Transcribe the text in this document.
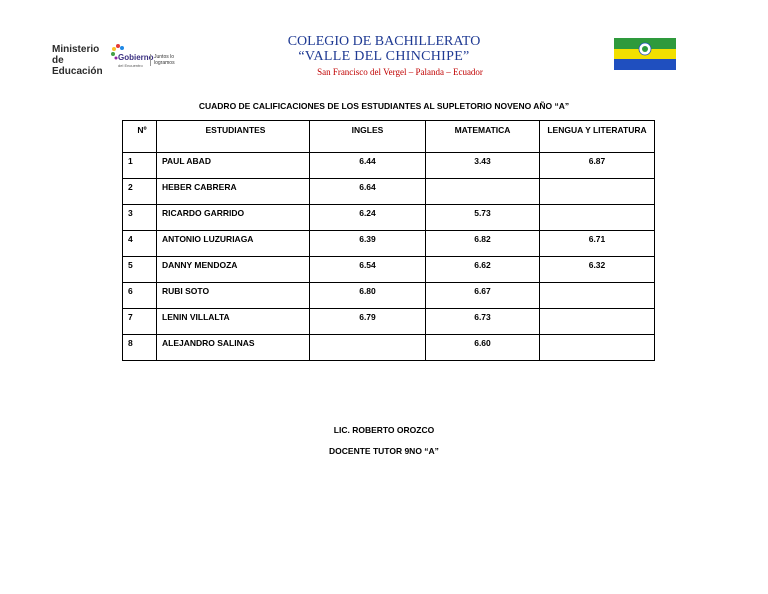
Ministerio de Educación
Gobierno
del Encuentro
Juntos lo logramos
COLEGIO DE BACHILLERATO
“VALLE DEL CHINCHIPE”
San Francisco del Vergel – Palanda – Ecuador
CUADRO DE CALIFICACIONES DE LOS ESTUDIANTES AL SUPLETORIO NOVENO AÑO “A”
Nº	ESTUDIANTES	INGLES	MATEMATICA	LENGUA Y LITERATURA
1	PAUL ABAD	6.44	3.43	6.87
2	HEBER CABRERA	6.64		
3	RICARDO GARRIDO	6.24	5.73	
4	ANTONIO LUZURIAGA	6.39	6.82	6.71
5	DANNY MENDOZA	6.54	6.62	6.32
6	RUBI SOTO	6.80	6.67	
7	LENIN VILLALTA	6.79	6.73	
8	ALEJANDRO SALINAS		6.60	
LIC. ROBERTO OROZCO
DOCENTE TUTOR 9NO “A”
